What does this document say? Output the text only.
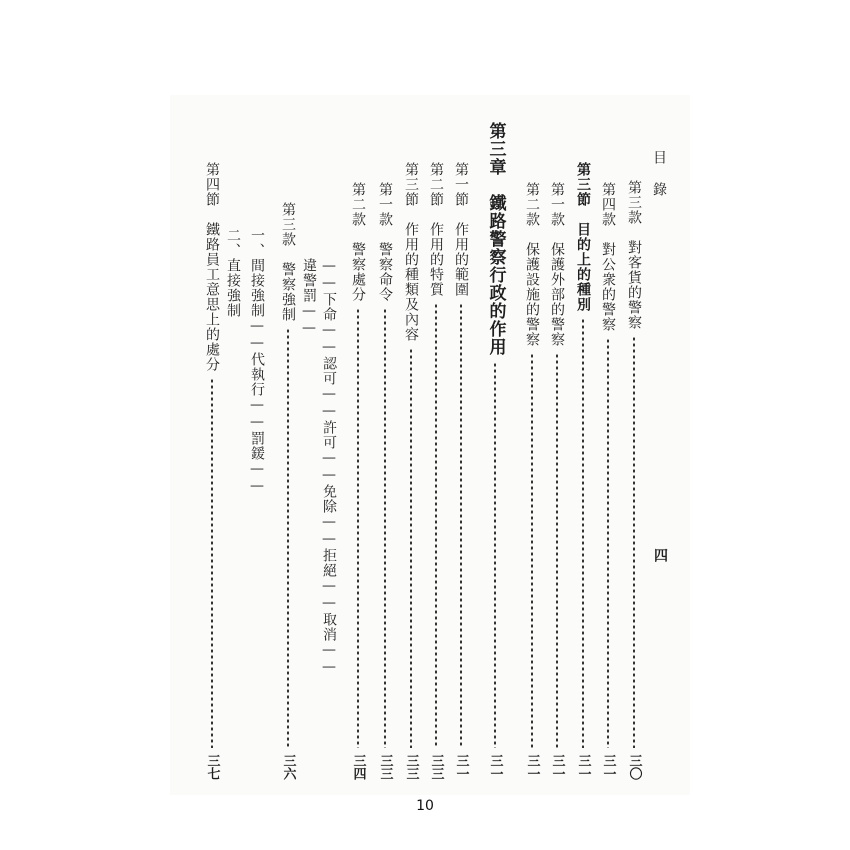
目　錄
四
第三款　對客貨的警察
三〇
第四款　對公衆的警察
三一
第三節　目的上的種別
三一
第一款　保護外部的警察
三一
第二款　保護設施的警察
三一
第三章　鐵路警察行政的作用
三一
第一節　作用的範圍
三一
第二節　作用的特質
三三
第三節　作用的種類及內容
三三
第一款　警察命令
三三
第二款　警察處分
三四
——下命——認可——許可——免除——拒絕——取消——
違警罰——
第三款　警察強制
三六
一、間接強制——代執行——罰鍰——
二、直接強制
第四節　鐵路員工意思上的處分
三七
10
